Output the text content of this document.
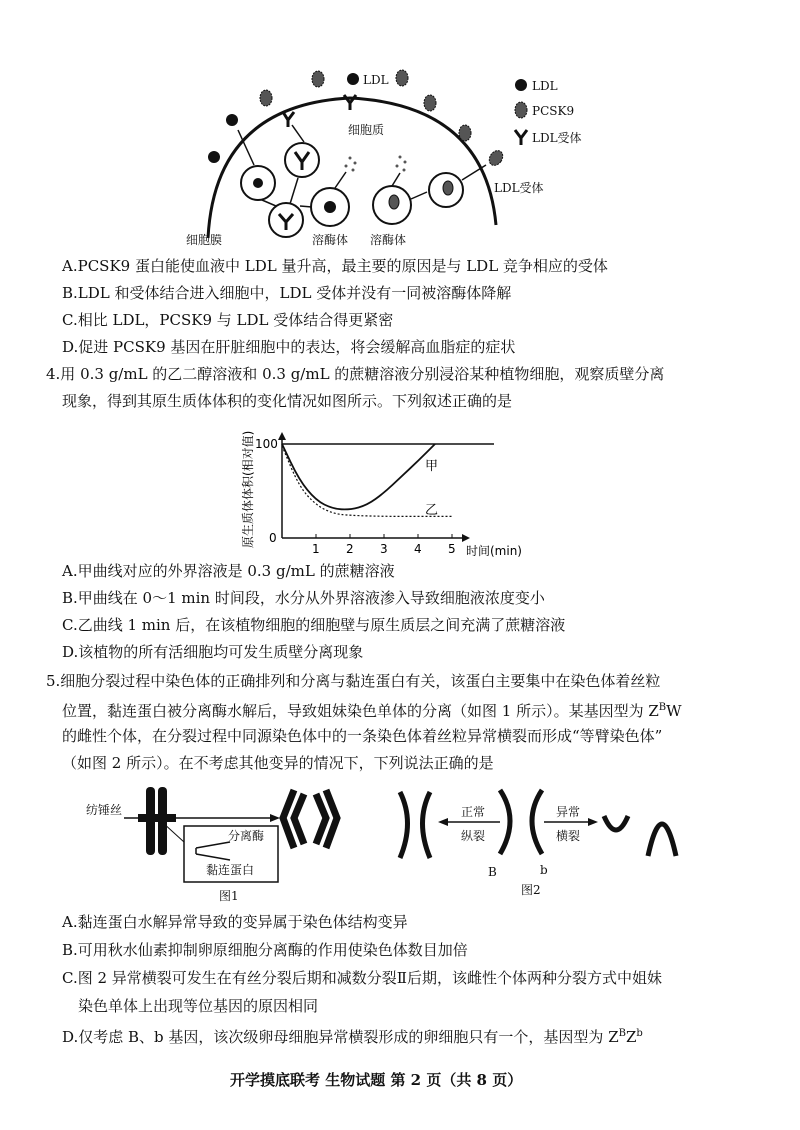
LDL
PCSK9
LDL受体
LDL
细胞质
LDL受体
细胞膜	溶酶体 溶酶体
A.PCSK9 蛋白能使血液中 LDL 量升高，最主要的原因是与 LDL 竞争相应的受体
B.LDL 和受体结合进入细胞中，LDL 受体并没有一同被溶酶体降解
C.相比 LDL，PCSK9 与 LDL 受体结合得更紧密
D.促进 PCSK9 基因在肝脏细胞中的表达，将会缓解高血脂症的症状
4.用 0.3 g/mL 的乙二醇溶液和 0.3 g/mL 的蔗糖溶液分别浸浴某种植物细胞，观察质壁分离
现象，得到其原生质体体积的变化情况如图所示。下列叙述正确的是
1 2 3 4 5
0
100
甲
乙
时间(min)
原生质体体积(相对值)
A.甲曲线对应的外界溶液是 0.3 g/mL 的蔗糖溶液
B.甲曲线在 0～1 min 时间段，水分从外界溶液渗入导致细胞液浓度变小
C.乙曲线 1 min 后，在该植物细胞的细胞壁与原生质层之间充满了蔗糖溶液
D.该植物的所有活细胞均可发生质壁分离现象
5.细胞分裂过程中染色体的正确排列和分离与黏连蛋白有关，该蛋白主要集中在染色体着丝粒
位置，黏连蛋白被分离酶水解后，导致姐妹染色单体的分离（如图 1 所示）。某基因型为 $Z^BW$
的雌性个体，在分裂过程中同源染色体中的一条染色体着丝粒异常横裂而形成“等臂染色体”
（如图 2 所示）。在不考虑其他变异的情况下，下列说法正确的是
纺锤丝
分离酶
黏连蛋白
图1
正常
纵裂
异常
横裂
B	b
图2
A.黏连蛋白水解异常导致的变异属于染色体结构变异
B.可用秋水仙素抑制卵原细胞分离酶的作用使染色体数目加倍
C.图 2 异常横裂可发生在有丝分裂后期和减数分裂Ⅱ后期，该雌性个体两种分裂方式中姐妹
染色单体上出现等位基因的原因相同
D.仅考虑 B、b 基因，该次级卵母细胞异常横裂形成的卵细胞只有一个，基因型为 $Z^BZ^b$
开学摸底联考 生物试题 第 2 页（共 8 页）
